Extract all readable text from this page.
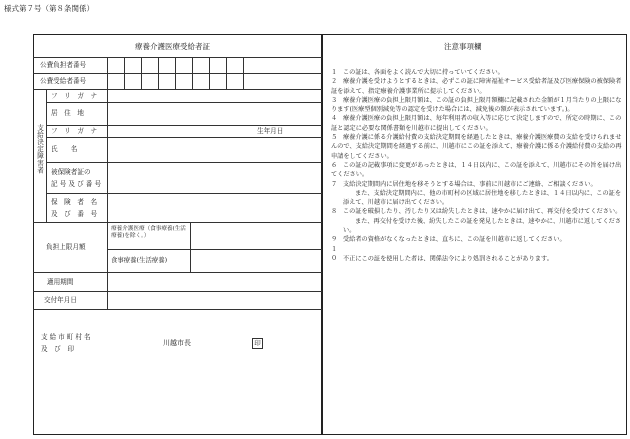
様式第７号（第８条関係）
療養介護医療受給者証	注意事項欄
公費負担者番号
公費受給者番号
支給決定障害者
フ　リ　ガ　ナ
居　住　地
フ　リ　ガ　ナ	生年月日
氏　　名
被保険者証の
記 号 及 び 番 号
保　険　者　名
及　び　番　号
負担上限月額
療養介護医療（食事療養(生活療養)を除く。）
食事療養(生活療養)
適用期間
交付年月日
支給市町村名
及　び　印
川越市長	印
１ この証は、各面をよく読んで大切に持っていてください。
２ 療養介護を受けようとするときは、必ずこの証に障害福祉サービス受給者証及び医療保険の被保険者証を添えて、指定療養介護事業所に提示してください。
３ 療養介護医療の負担上限月額は、この証の負担上限月額欄に記載された金額が１月当たりの上限になります(医療型個別減免等の認定を受けた場合には、減免後の額が表示されています。)。
４ 療養介護医療の負担上限月額は、毎年利用者の収入等に応じて決定しますので、所定の時期に、この証と認定に必要な関係書類を川越市に提出してください。
５ 療養介護に係る介護給付費の支給決定期間を経過したときは、療養介護医療費の支給を受けられませんので、支給決定期間を経過する前に、川越市にこの証を添えて、療養介護に係る介護給付費の支給の再申請をしてください。
６ この証の記載事項に変更があったときは、１４日以内に、この証を添えて、川越市にその旨を届け出てください。
７ 支給決定期間内に居住地を移そうとする場合は、事前に川越市にご連絡、ご相談ください。
また、支給決定期間内に、他の市町村の区域に居住地を移したときは、１４日以内に、この証を添えて、川越市に届け出てください。
８ この証を破損したり、汚したり又は紛失したときは、速やかに届け出て、再交付を受けてください。
また、再交付を受けた後、紛失したこの証を発見したときは、速やかに、川越市に返してください。
９ 受給者の資格がなくなったときは、直ちに、この証を川越市に返してください。
１０ 不正にこの証を使用した者は、関係法令により処罰されることがあります。
